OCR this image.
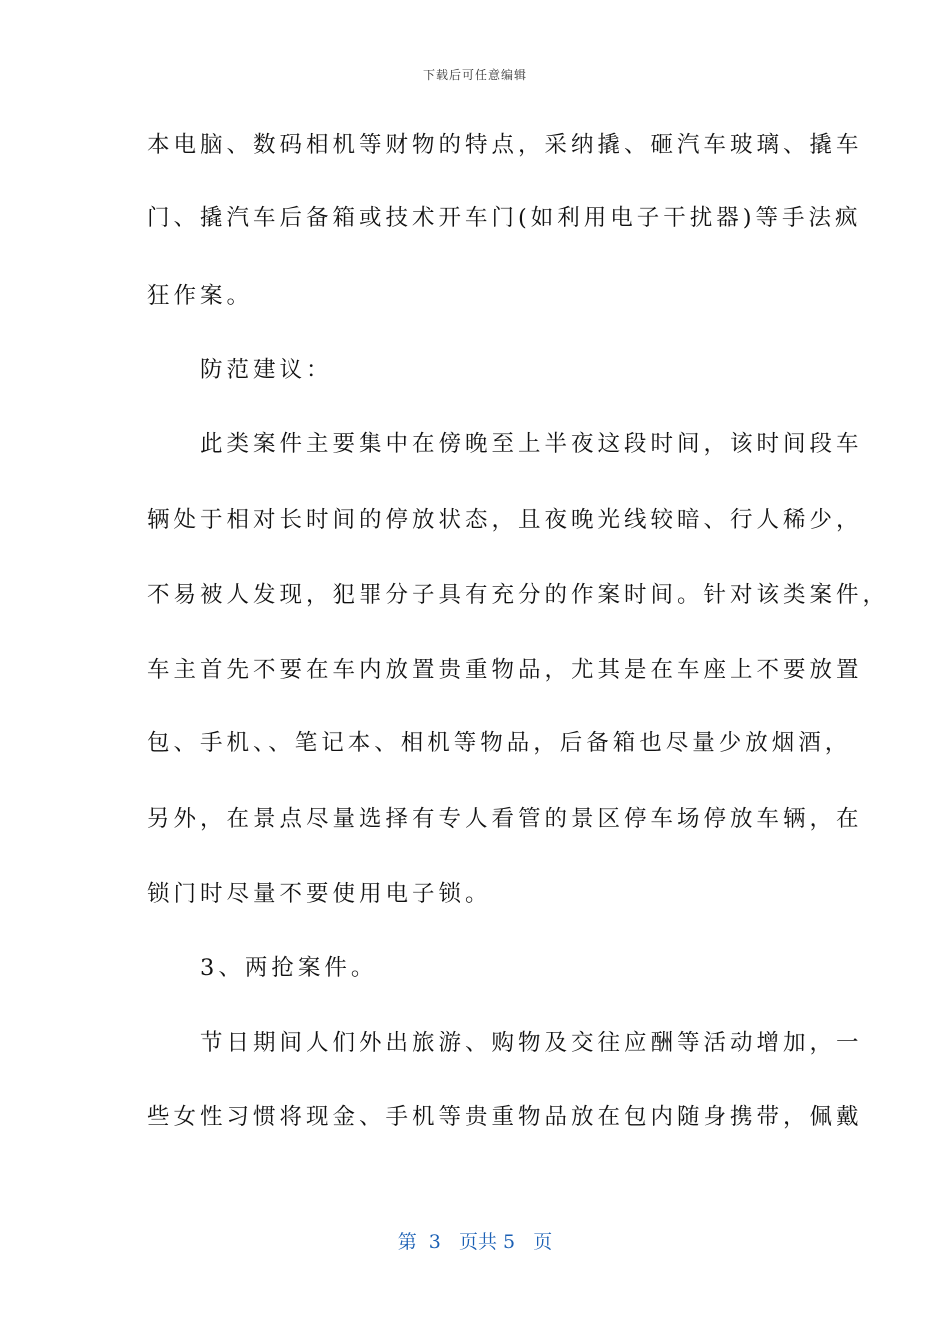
下载后可任意编辑
本电脑、数码相机等财物的特点，采纳撬、砸汽车玻璃、撬车
门、撬汽车后备箱或技术开车门(如利用电子干扰器)等手法疯
狂作案。
　　防范建议：
　　此类案件主要集中在傍晚至上半夜这段时间，该时间段车
辆处于相对长时间的停放状态，且夜晚光线较暗、行人稀少，
不易被人发现，犯罪分子具有充分的作案时间。针对该类案件，
车主首先不要在车内放置贵重物品，尤其是在车座上不要放置
包、手机、、笔记本、相机等物品，后备箱也尽量少放烟酒，
另外，在景点尽量选择有专人看管的景区停车场停放车辆，在
锁门时尽量不要使用电子锁。
　　3、两抢案件。
　　节日期间人们外出旅游、购物及交往应酬等活动增加，一
些女性习惯将现金、手机等贵重物品放在包内随身携带，佩戴
第  3   页共 5   页
